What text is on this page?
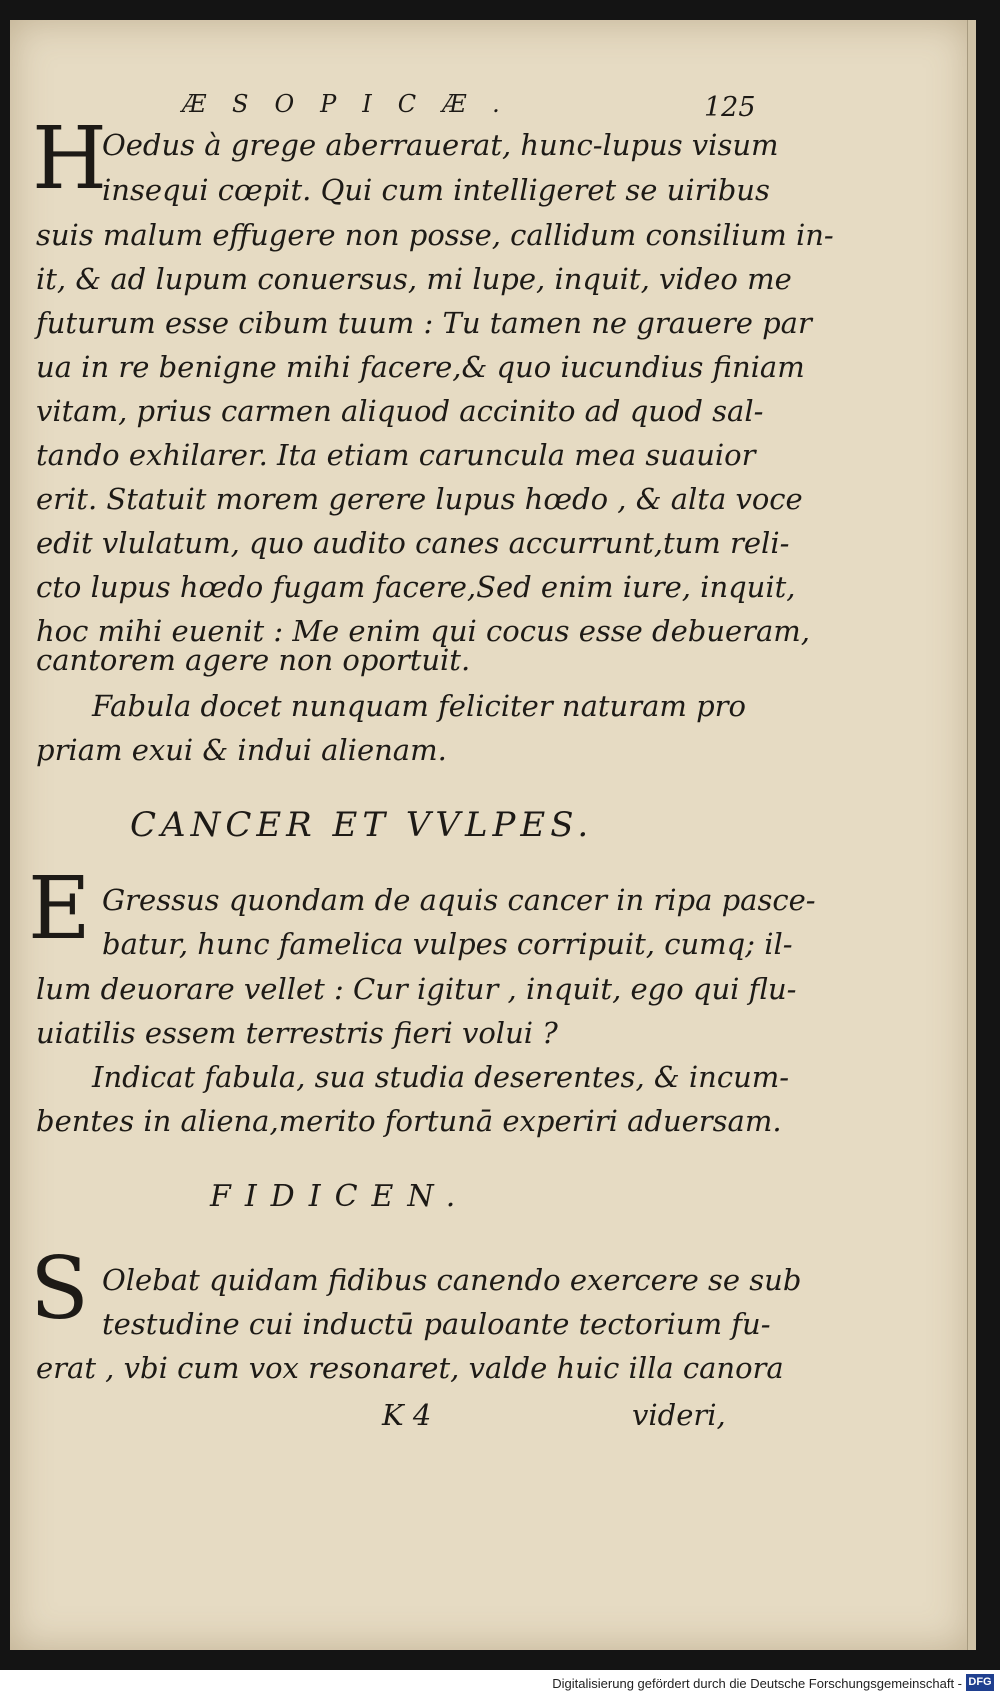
ÆSOPICÆ.	125
H
Oedus à grege aberrauerat, hunc-lupus visum
insequi cœpit. Qui cum intelligeret se uiribus
suis malum effugere non posse, callidum consilium in-
it, & ad lupum conuersus, mi lupe, inquit, video me
futurum esse cibum tuum : Tu tamen ne grauere par
ua in re benigne mihi facere,& quo iucundius finiam
vitam, prius carmen aliquod accinito ad quod sal-
tando exhilarer. Ita etiam caruncula mea suauior
erit. Statuit morem gerere lupus hœdo , & alta voce
edit vlulatum, quo audito canes accurrunt,tum reli-
cto lupus hœdo fugam facere,Sed enim iure, inquit,
hoc mihi euenit : Me enim qui cocus esse debueram,
cantorem agere non oportuit.
Fabula docet nunquam feliciter naturam pro
priam exui & indui alienam.
CANCER ET VVLPES.
E Gressus quondam de aquis cancer in ripa pasce-
batur, hunc famelica vulpes corripuit, cumq; il-
lum deuorare vellet : Cur igitur , inquit, ego qui flu-
uiatilis essem terrestris fieri volui ?
Indicat fabula, sua studia deserentes, & incum-
bentes in aliena,merito fortunā experiri aduersam.
FIDICEN.
S Olebat quidam fidibus canendo exercere se sub
testudine cui inductū pauloante tectorium fu-
erat , vbi cum vox resonaret, valde huic illa canora
K 4	videri,
Digitalisierung gefördert durch die Deutsche Forschungsgemeinschaft - DFG
